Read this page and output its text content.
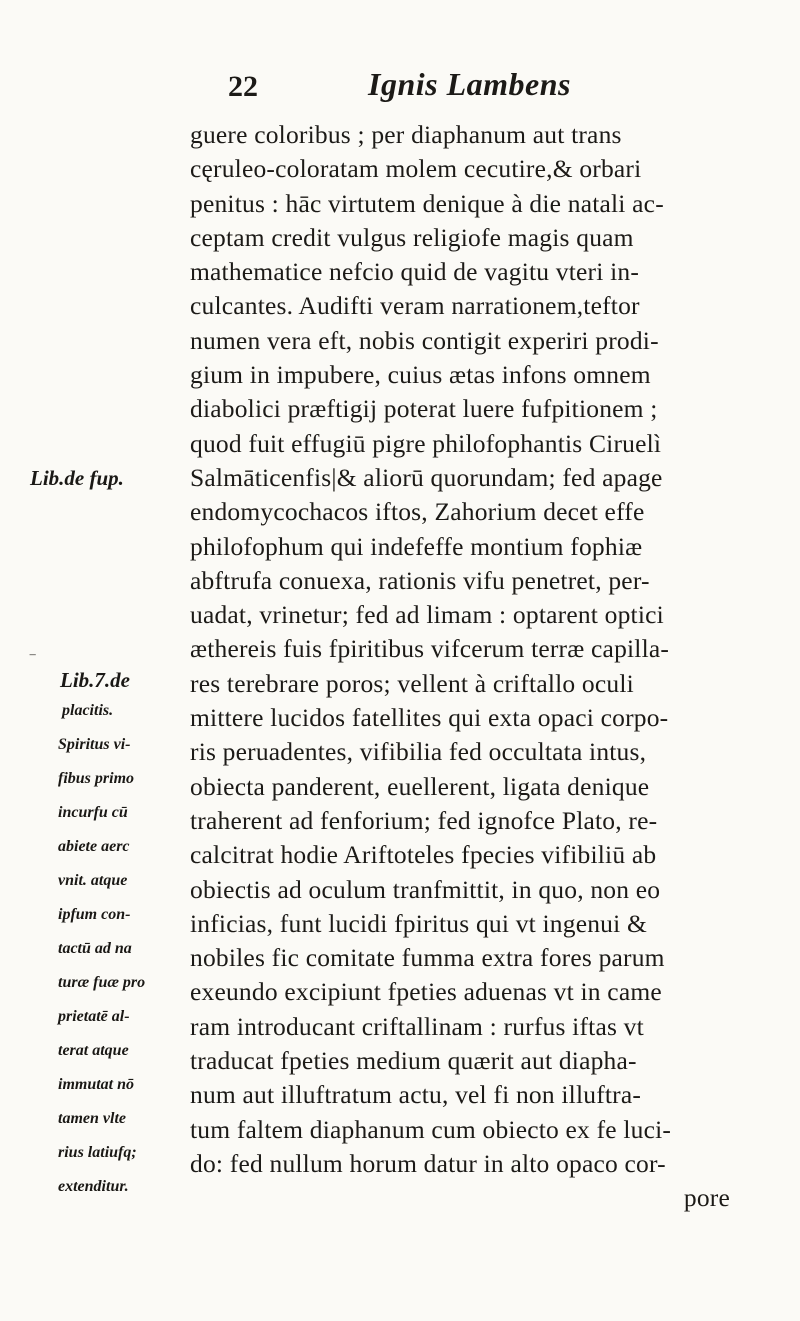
22	Ignis Lambens
guere coloribus ; per diaphanum aut trans
cęruleo-coloratam molem cecutire,& orbari
penitus : hāc virtutem denique à die natali ac-
ceptam credit vulgus religiofe magis quam
mathematice nefcio quid de vagitu vteri in-
culcantes. Audifti veram narrationem,teftor
numen vera eft, nobis contigit experiri prodi-
gium in impubere, cuius ætas infons omnem
diabolici præftigij poterat luere fufpitionem ;
quod fuit effugiū pigre philofophantis Ciruelì
Salmāticenfis|& aliorū quorundam; fed apage
endomycochacos iftos, Zahorium decet effe
philofophum qui indefeffe montium fophiæ
abftrufa conuexa, rationis vifu penetret, per-
uadat, vrinetur; fed ad limam : optarent optici
æthereis fuis fpiritibus vifcerum terræ capilla-
res terebrare poros; vellent à criftallo oculi
mittere lucidos fatellites qui exta opaci corpo-
ris peruadentes, vifibilia fed occultata intus,
obiecta panderent, euellerent, ligata denique
traherent ad fenforium; fed ignofce Plato, re-
calcitrat hodie Ariftoteles fpecies vifibiliū ab
obiectis ad oculum tranfmittit, in quo, non eo
inficias, funt lucidi fpiritus qui vt ingenui &
nobiles fic comitate fumma extra fores parum
exeundo excipiunt fpeties aduenas vt in came
ram introducant criftallinam : rurfus iftas vt
traducat fpeties medium quærit aut diapha-
num aut illuftratum actu, vel fi non illuftra-
tum faltem diaphanum cum obiecto ex fe luci-
do: fed nullum horum datur in alto opaco cor-
pore
Lib.de fup.
‾
Lib.7.de
placitis.
Spiritus vi-
fibus primo
incurfu cū
abiete aerc
vnit. atque
ipfum con-
tactū ad na
turæ fuæ pro
prietatē al-
terat atque
immutat nō
tamen vlte
rius latiufq;
extenditur.
